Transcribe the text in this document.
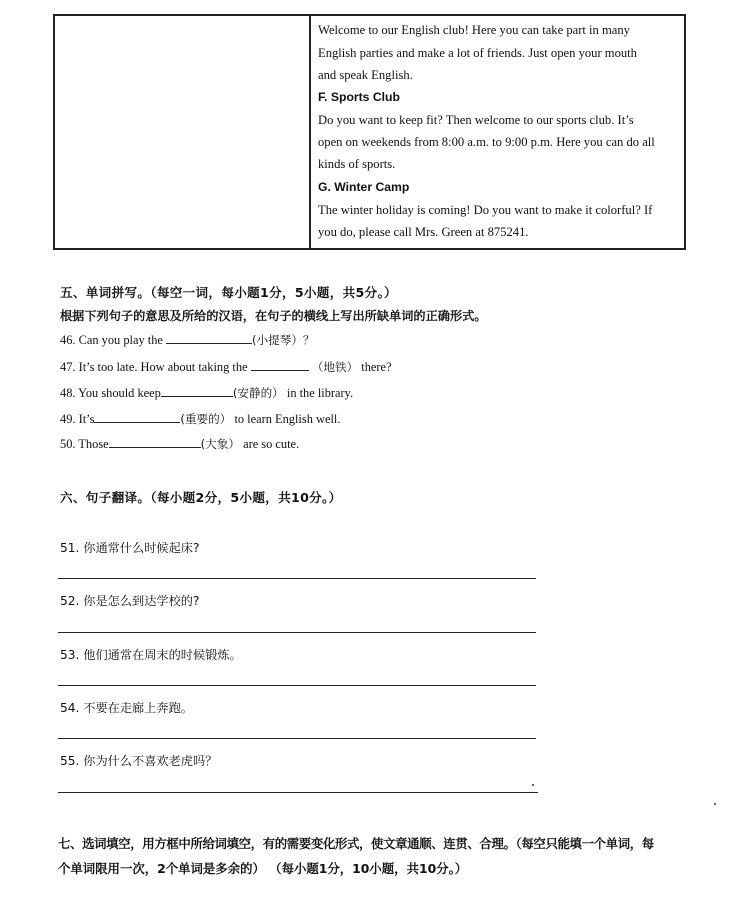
Welcome to our English club! Here you can take part in many
English parties and make a lot of friends. Just open your mouth
and speak English.
F. Sports Club
Do you want to keep fit? Then welcome to our sports club. It’s
open on weekends from 8:00 a.m. to 9:00 p.m. Here you can do all
kinds of sports.
G. Winter Camp
The winter holiday is coming! Do you want to make it colorful? If
you do, please call Mrs. Green at 875241.
五、单词拼写。（每空一词，每小题1分，5小题，共5分。）
根据下列句子的意思及所给的汉语，在句子的横线上写出所缺单词的正确形式。
46. Can you play the	(小提琴）？
47. It’s too late. How about taking the	（地铁） there?
48. You should keep	(安静的） in the library.
49. It’s	(重要的） to learn English well.
50. Those	(大象） are so cute.
六、句子翻译。（每小题2分，5小题，共10分。）
51. 你通常什么时候起床?
52. 你是怎么到达学校的?
53. 他们通常在周末的时候锻炼。
54. 不要在走廊上奔跑。
55. 你为什么不喜欢老虎吗？
七、选词填空，用方框中所给词填空，有的需要变化形式，使文章通顺、连贯、合理。（每空只能填一个单词，每
个单词限用一次，2个单词是多余的） （每小题1分，10小题，共10分。）
